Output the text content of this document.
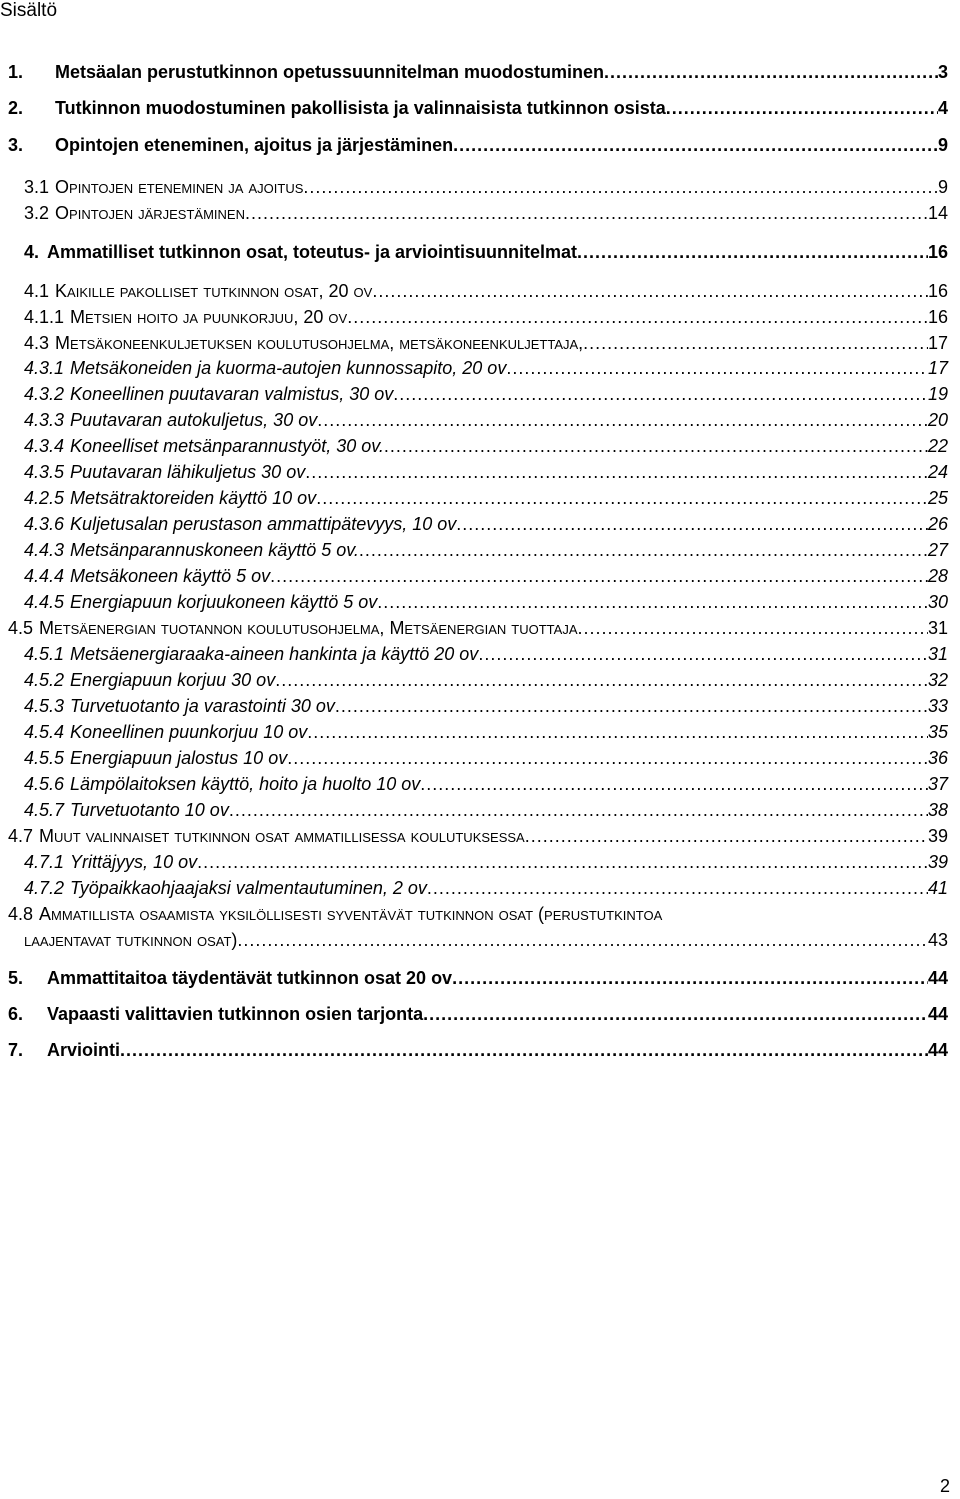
Sisältö
1. Metsäalan perustutkinnon opetussuunnitelman muodostuminen .....	3
2. Tutkinnon muodostuminen pakollisista ja valinnaisista tutkinnon osista .....	4
3. Opintojen eteneminen, ajoitus ja järjestäminen .....	9
3.1 Opintojen eteneminen ja ajoitus .....	9
3.2 Opintojen järjestäminen .....	14
4. Ammatilliset tutkinnon osat, toteutus- ja arviointisuunnitelmat .....	16
4.1 Kaikille pakolliset tutkinnon osat, 20 ov .....	16
4.1.1 Metsien hoito ja puunkorjuu, 20 ov .....	16
4.3 Metsäkoneenkuljetuksen koulutusohjelma, metsäkoneenkuljettaja, .....	17
4.3.1 Metsäkoneiden ja kuorma-autojen kunnossapito, 20 ov .....	17
4.3.2 Koneellinen puutavaran valmistus, 30 ov .....	19
4.3.3 Puutavaran autokuljetus, 30 ov .....	20
4.3.4 Koneelliset metsänparannustyöt, 30 ov. .....	22
4.3.5 Puutavaran lähikuljetus 30 ov .....	24
4.2.5 Metsätraktoreiden käyttö 10 ov .....	25
4.3.6 Kuljetusalan perustason ammattipätevyys, 10 ov .....	26
4.4.3 Metsänparannuskoneen käyttö 5 ov. .....	27
4.4.4 Metsäkoneen käyttö 5 ov .....	28
4.4.5 Energiapuun korjuukoneen käyttö 5 ov .....	30
4.5 Metsäenergian tuotannon koulutusohjelma, Metsäenergian tuottaja .....	31
4.5.1 Metsäenergiaraaka-aineen hankinta ja käyttö 20 ov .....	31
4.5.2 Energiapuun korjuu 30 ov .....	32
4.5.3 Turvetuotanto ja varastointi 30 ov .....	33
4.5.4 Koneellinen puunkorjuu 10 ov .....	35
4.5.5 Energiapuun jalostus 10 ov .....	36
4.5.6 Lämpölaitoksen käyttö, hoito ja huolto 10 ov .....	37
4.5.7 Turvetuotanto 10 ov .....	38
4.7 Muut valinnaiset tutkinnon osat ammatillisessa koulutuksessa .....	39
4.7.1 Yrittäjyys, 10 ov .....	39
4.7.2 Työpaikkaohjaajaksi valmentautuminen, 2 ov .....	41
4.8 Ammatillista osaamista yksilöllisesti syventävät tutkinnon osat (perustutkintoa
laajentavat tutkinnon osat) .....	43
5. Ammattitaitoa täydentävät tutkinnon osat 20 ov .....	44
6. Vapaasti valittavien tutkinnon osien tarjonta .....	44
7. Arviointi .....	44
2
